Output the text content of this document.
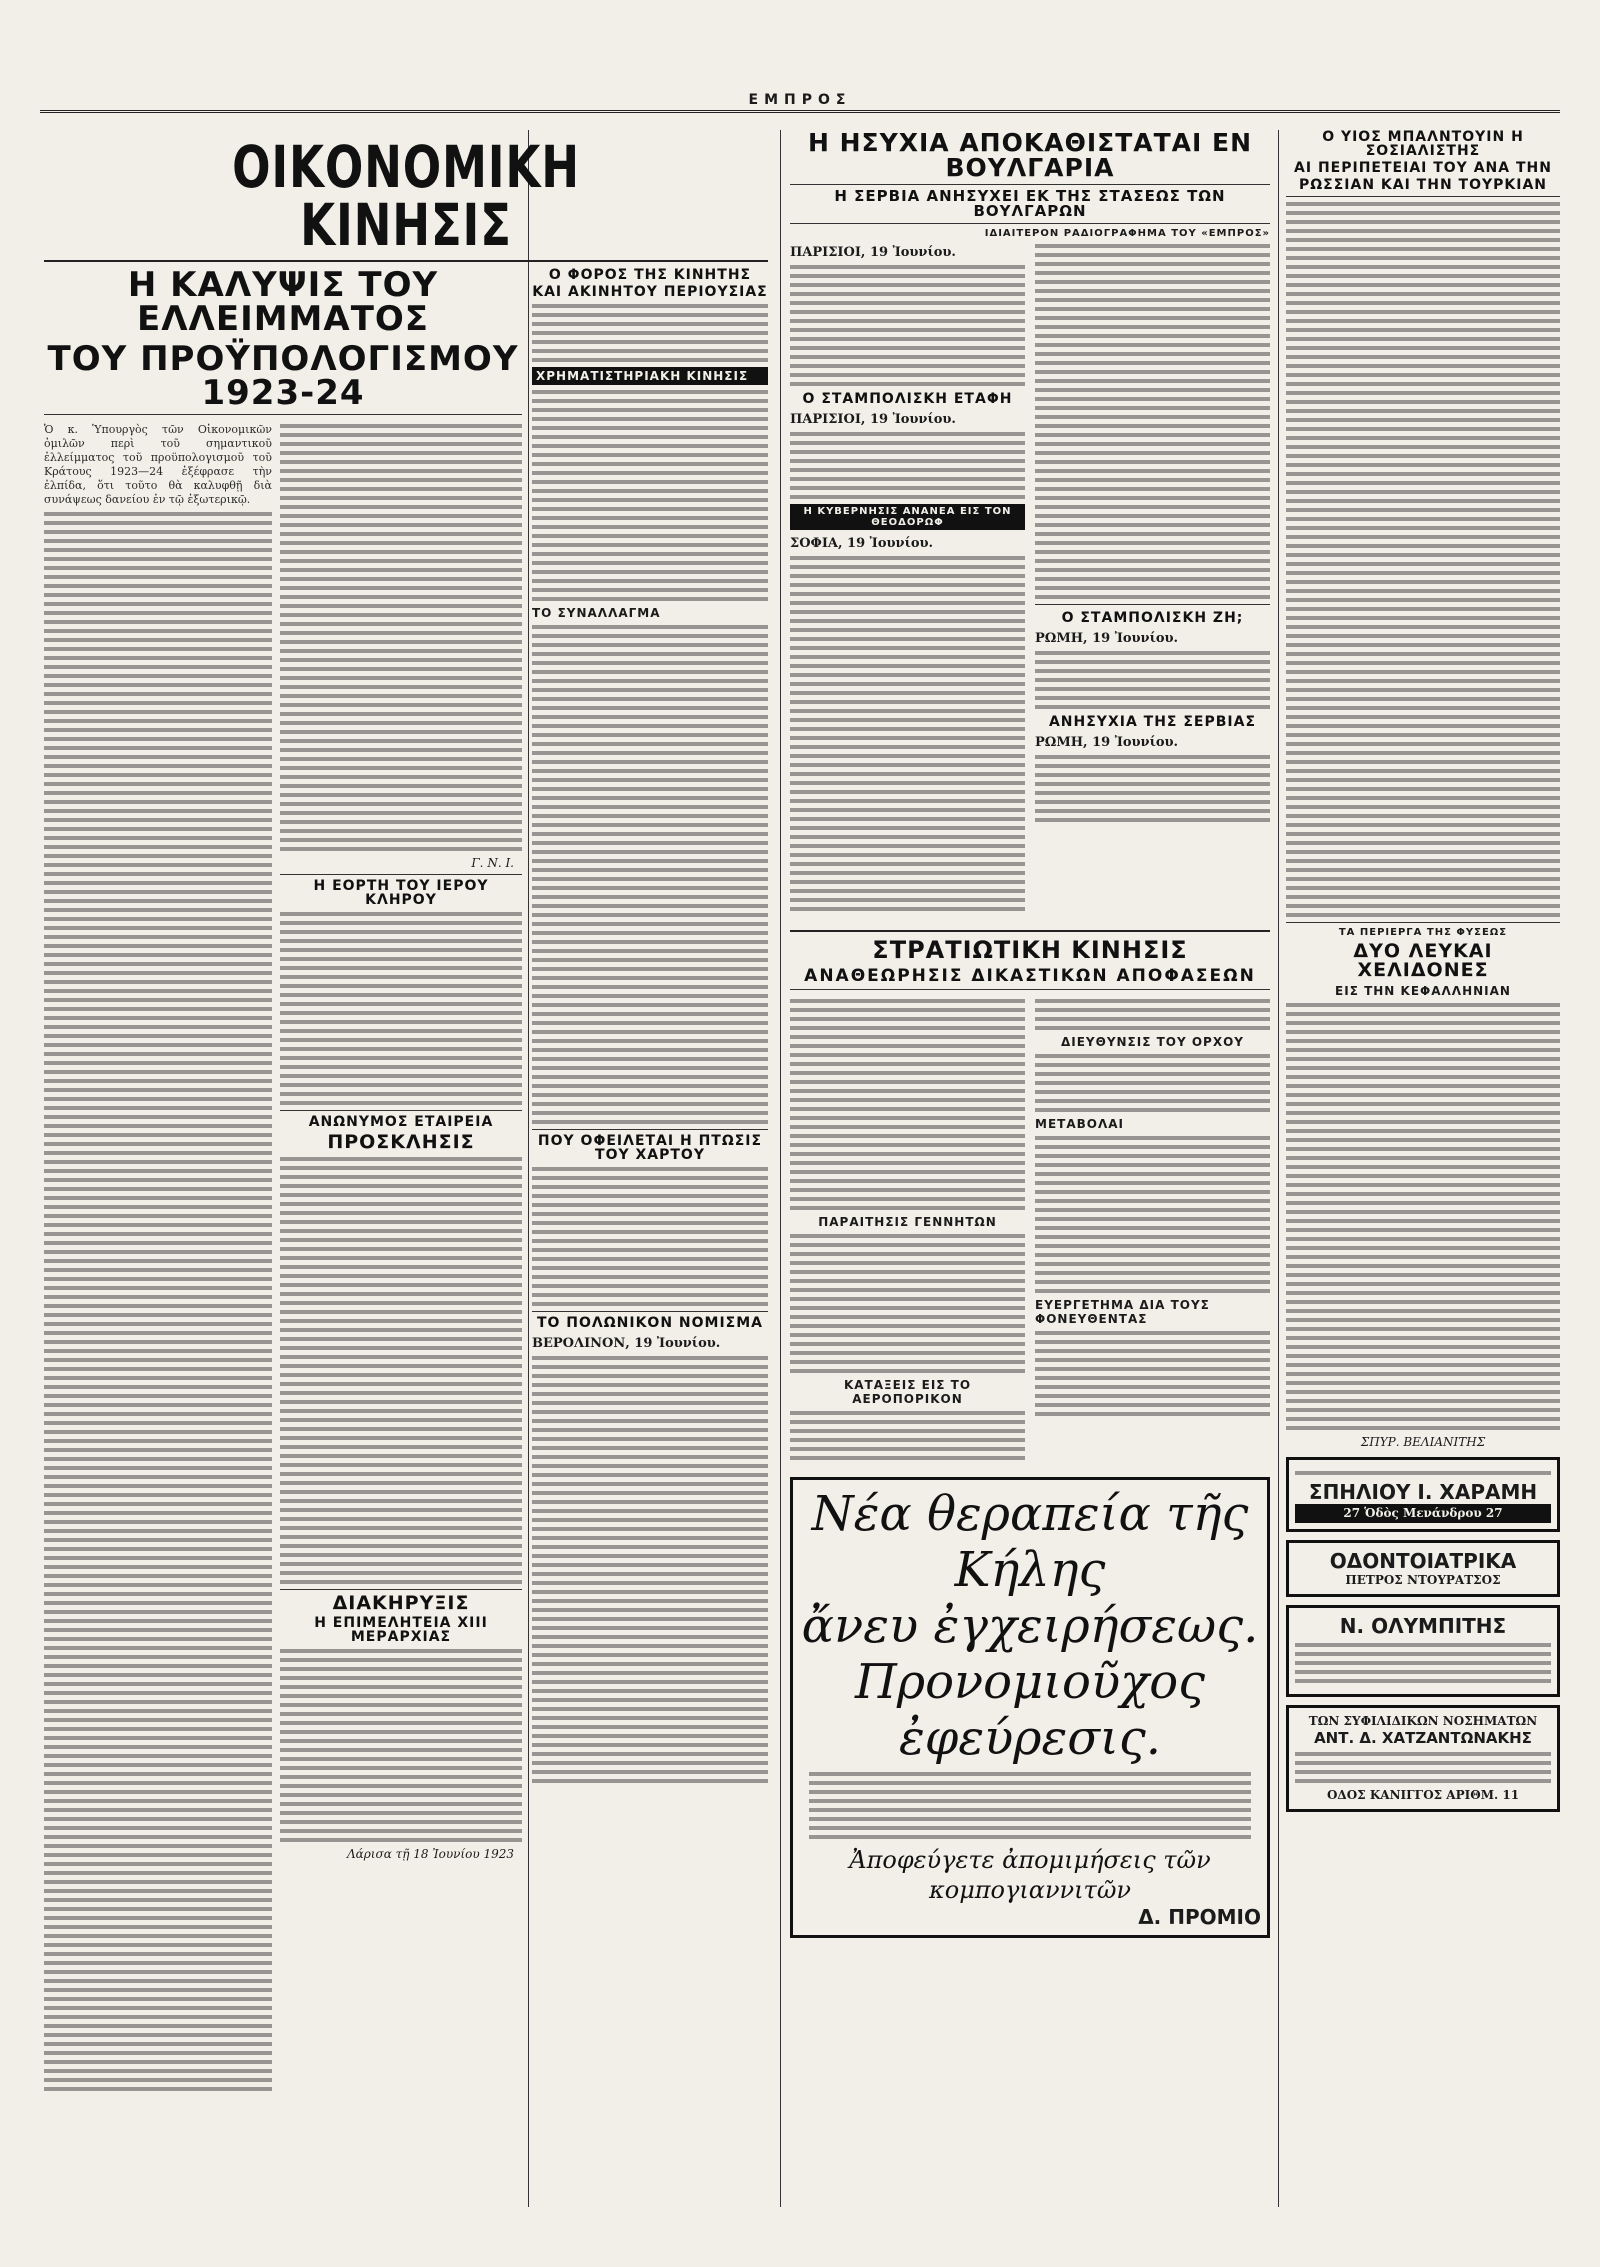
ΕΜΠΡΟΣ
ΟΙΚΟΝΟΜΙΚΗ ΚΙΝΗΣΙΣ
Η ΚΑΛΥΨΙΣ ΤΟΥ ΕΛΛΕΙΜΜΑΤΟΣ
ΤΟΥ ΠΡΟΫΠΟΛΟΓΙΣΜΟΥ 1923-24

Ὁ κ. Ὑπουργὸς τῶν Οἰκονομικῶν ὁμιλῶν περὶ τοῦ σημαντικοῦ ἐλλείμματος τοῦ προϋπολογισμοῦ τοῦ Κράτους 1923—24 ἐξέφρασε τὴν ἐλπίδα, ὅτι τοῦτο θὰ καλυφθῇ διὰ συνάψεως δανείου ἐν τῷ ἐξωτερικῷ.

Γ. Ν. Ι.
Η ΕΟΡΤΗ ΤΟΥ ΙΕΡΟΥ ΚΛΗΡΟΥ
ΑΝΩΝΥΜΟΣ ΕΤΑΙΡΕΙΑ
ΠΡΟΣΚΛΗΣΙΣ
ΔΙΑΚΗΡΥΞΙΣ
Η ΕΠΙΜΕΛΗΤΕΙΑ ΧΙΙΙ ΜΕΡΑΡΧΙΑΣ
Λάρισα τῇ 18 Ἰουνίου 1923
Ο ΦΟΡΟΣ ΤΗΣ ΚΙΝΗΤΗΣ
ΚΑΙ ΑΚΙΝΗΤΟΥ ΠΕΡΙΟΥΣΙΑΣ
ΧΡΗΜΑΤΙΣΤΗΡΙΑΚΗ ΚΙΝΗΣΙΣ
ΤΟ ΣΥΝΑΛΛΑΓΜΑ
ΠΟΥ ΟΦΕΙΛΕΤΑΙ Η ΠΤΩΣΙΣ ΤΟΥ ΧΑΡΤΟΥ
ΤΟ ΠΟΛΩΝΙΚΟΝ ΝΟΜΙΣΜΑ
ΒΕΡΟΛΙΝΟΝ, 19 Ἰουνίου.
Η ΗΣΥΧΙΑ ΑΠΟΚΑΘΙΣΤΑΤΑΙ ΕΝ ΒΟΥΛΓΑΡΙΑ
Η ΣΕΡΒΙΑ ΑΝΗΣΥΧΕΙ ΕΚ ΤΗΣ ΣΤΑΣΕΩΣ ΤΩΝ ΒΟΥΛΓΑΡΩΝ
ΙΔΙΑΙΤΕΡΟΝ ΡΑΔΙΟΓΡΑΦΗΜΑ ΤΟΥ «ΕΜΠΡΟΣ»
ΠΑΡΙΣΙΟΙ, 19 Ἰουνίου.
Ο ΣΤΑΜΠΟΛΙΣΚΗ ΕΤΑΦΗ
ΠΑΡΙΣΙΟΙ, 19 Ἰουνίου.
Η ΚΥΒΕΡΝΗΣΙΣ ΑΝΑΝΕΑ ΕΙΣ ΤΟΝ ΘΕΟΔΟΡΩΦ
ΣΟΦΙΑ, 19 Ἰουνίου.
Ο ΣΤΑΜΠΟΛΙΣΚΗ ΖΗ;
ΡΩΜΗ, 19 Ἰουνίου.
ΑΝΗΣΥΧΙΑ ΤΗΣ ΣΕΡΒΙΑΣ
ΡΩΜΗ, 19 Ἰουνίου.
ΣΤΡΑΤΙΩΤΙΚΗ ΚΙΝΗΣΙΣ
ΑΝΑΘΕΩΡΗΣΙΣ ΔΙΚΑΣΤΙΚΩΝ ΑΠΟΦΑΣΕΩΝ
ΠΑΡΑΙΤΗΣΙΣ ΓΕΝΝΗΤΩΝ
ΚΑΤΑΞΕΙΣ ΕΙΣ ΤΟ ΑΕΡΟΠΟΡΙΚΟΝ
ΔΙΕΥΘΥΝΣΙΣ ΤΟΥ ΟΡΧΟΥ
ΜΕΤΑΒΟΛΑΙ
ΕΥΕΡΓΕΤΗΜΑ ΔΙΑ ΤΟΥΣ ΦΟΝΕΥΘΕΝΤΑΣ
Νέα θεραπεία τῆς Κήλης
ἄνευ ἐγχειρήσεως.
Προνομιοῦχος ἐφεύρεσις.
Ἀποφεύγετε ἀπομιμήσεις τῶν κομπογιαννιτῶν
Δ. ΠΡΟΜΙΟ
Ο ΥΙΟΣ ΜΠΑΛΝΤΟΥΙΝ Η ΣΟΣΙΑΛΙΣΤΗΣ
ΑΙ ΠΕΡΙΠΕΤΕΙΑΙ ΤΟΥ ΑΝΑ ΤΗΝ
ΡΩΣΣΙΑΝ ΚΑΙ ΤΗΝ ΤΟΥΡΚΙΑΝ
ΤΑ ΠΕΡΙΕΡΓΑ ΤΗΣ ΦΥΣΕΩΣ
ΔΥΟ ΛΕΥΚΑΙ ΧΕΛΙΔΟΝΕΣ
ΕΙΣ ΤΗΝ ΚΕΦΑΛΛΗΝΙΑΝ
ΣΠΥΡ. ΒΕΛΙΑΝΙΤΗΣ
ΣΠΗΛΙΟΥ Ι. ΧΑΡΑΜΗ
27 Ὁδὸς Μενάνδρου 27
ΟΔΟΝΤΟΙΑΤΡΙΚΑ
ΠΕΤΡΟΣ ΝΤΟΥΡΑΤΣΟΣ
Ν. ΟΛΥΜΠΙΤΗΣ
ΤΩΝ ΣΥΦΙΛΙΔΙΚΩΝ ΝΟΣΗΜΑΤΩΝ
ΑΝΤ. Δ. ΧΑΤΖΑΝΤΩΝΑΚΗΣ
ΟΔΟΣ ΚΑΝΙΓΓΟΣ ΑΡΙΘΜ. 11
